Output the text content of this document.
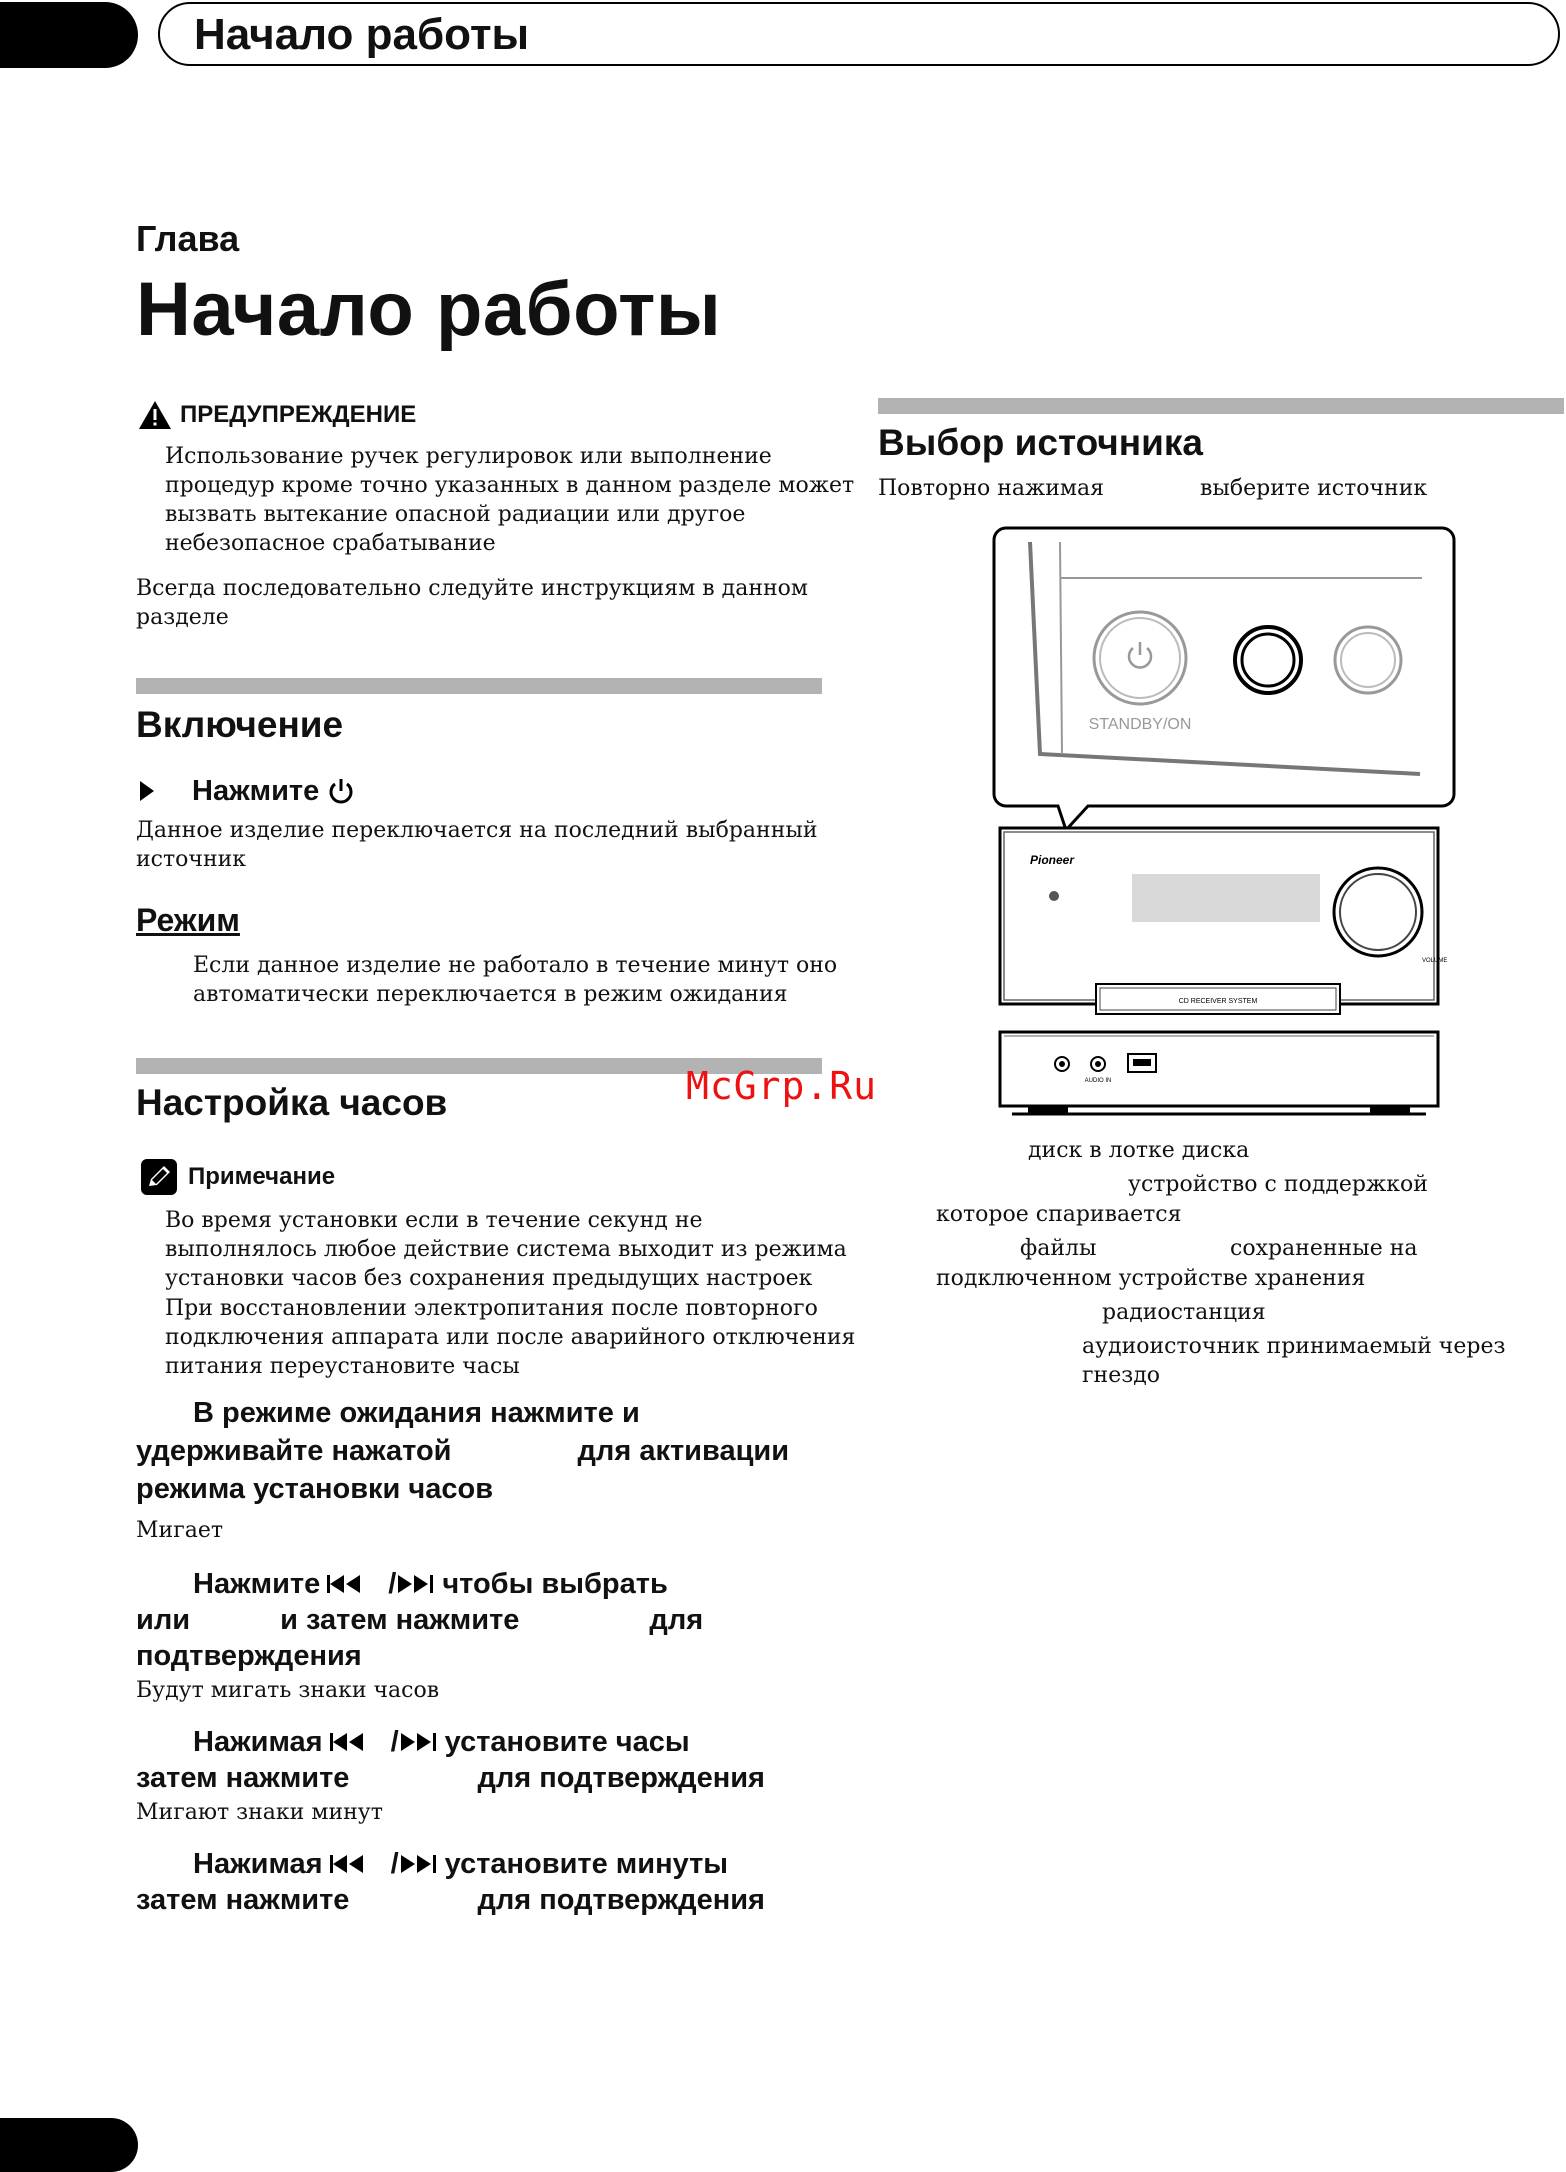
Начало работы
Глава
Начало работы
ПРЕДУПРЕЖДЕНИЕ
Использование ручек регулировок или выполнение
процедур кроме точно указанных в данном разделе может
вызвать вытекание опасной радиации или другое
небезопасное срабатывание
Всегда последовательно следуйте инструкциям в данном
разделе
Включение
Нажмите
Данное изделие переключается на последний выбранный
источник
Режим
Если данное изделие не работало в течение минут оно
автоматически переключается в режим ожидания
Настройка часов
Примечание
Во время установки если в течение секунд не
выполнялось любое действие система выходит из режима
установки часов без сохранения предыдущих настроек
При восстановлении электропитания после повторного
подключения аппарата или после аварийного отключения
питания переустановите часы
В режиме ожидания нажмите и
удерживайте нажатой	для активации
режима установки часов
Мигает
Нажмите / чтобы выбрать
или	и затем нажмите	для
подтверждения
Будут мигать знаки часов
Нажимая / установите часы
затем нажмите	для подтверждения
Мигают знаки минут
Нажимая / установите минуты
затем нажмите	для подтверждения
Выбор источника
Повторно нажимая	выберите источник
STANDBY/ON
Pioneer
VOLUME
CD RECEIVER SYSTEM
AUDIO IN
диск в лотке диска
устройство с поддержкой
которое спаривается
файлы	сохраненные на
подключенном устройстве хранения
радиостанция
аудиоисточник принимаемый через гнездо
McGrp.Ru
